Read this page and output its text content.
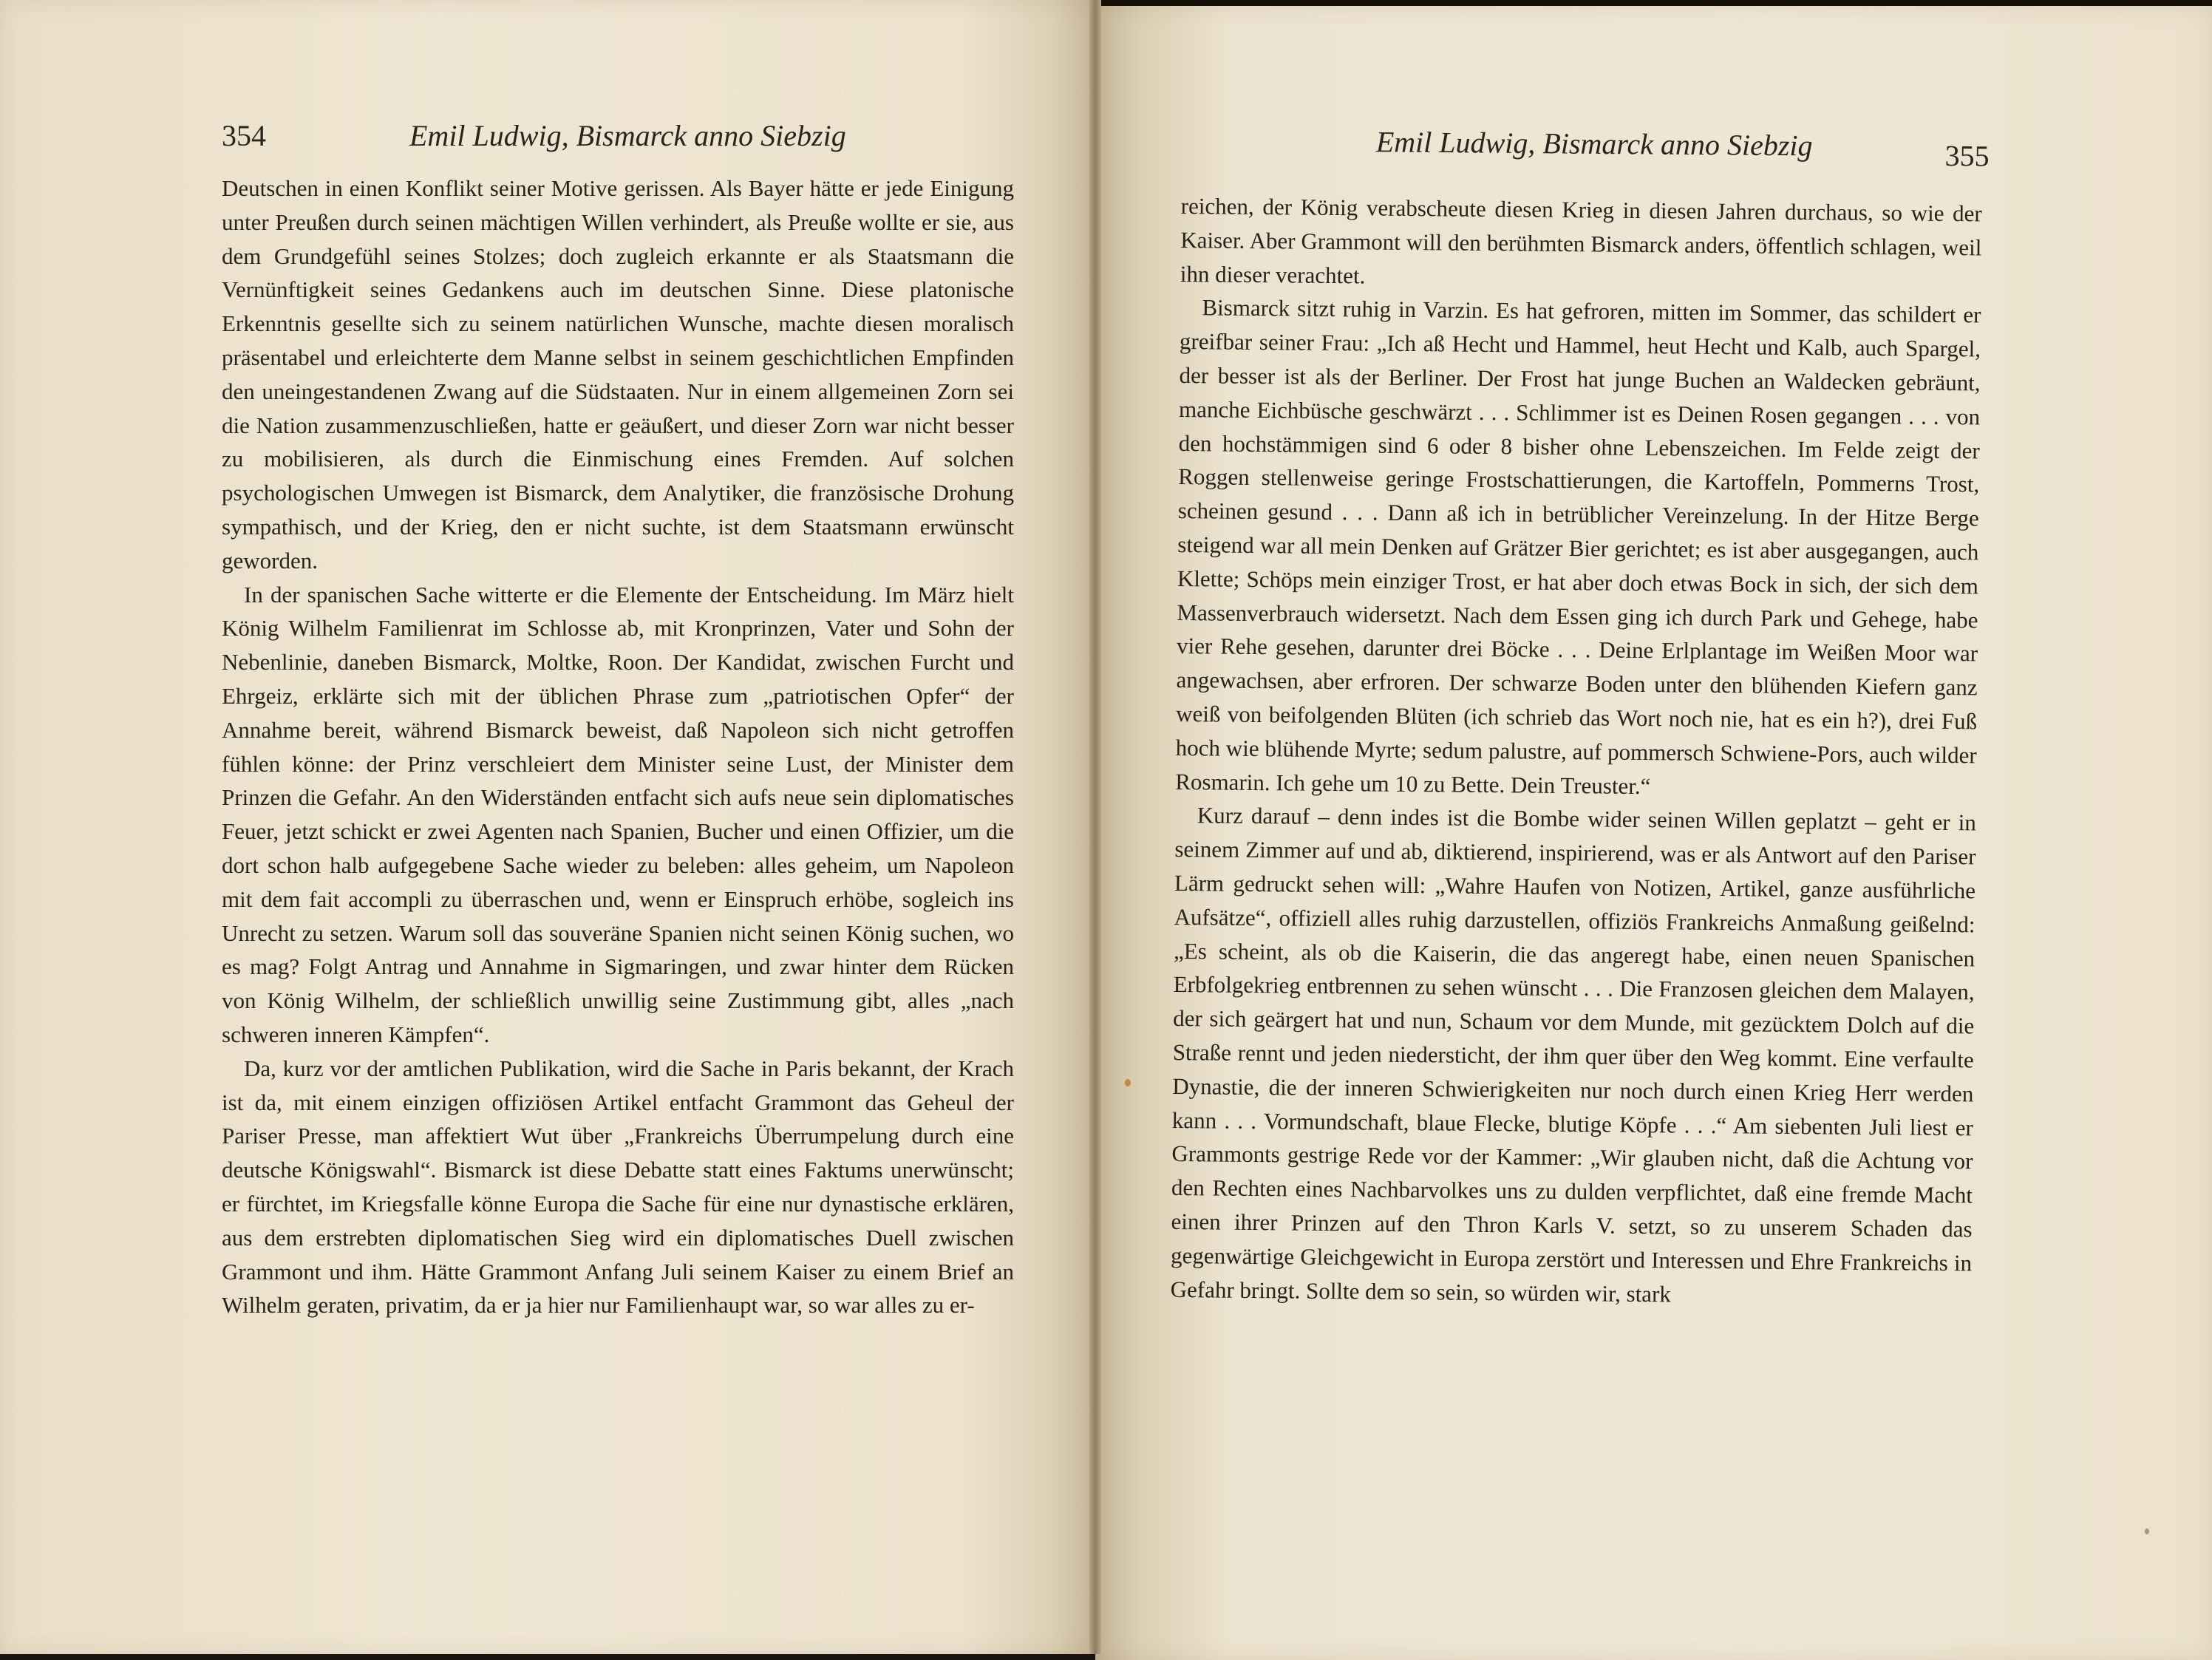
354	Emil Ludwig, Bismarck anno Siebzig

Deutschen in einen Konflikt seiner Motive gerissen. Als Bayer hätte er jede Einigung unter Preußen durch seinen mächtigen Willen verhindert, als Preuße wollte er sie, aus dem Grundgefühl seines Stolzes; doch zugleich erkannte er als Staatsmann die Vernünftigkeit seines Gedankens auch im deutschen Sinne. Diese platonische Erkenntnis gesellte sich zu seinem natürlichen Wunsche, machte diesen moralisch präsentabel und erleichterte dem Manne selbst in seinem geschichtlichen Empfinden den uneingestandenen Zwang auf die Südstaaten. Nur in einem allgemeinen Zorn sei die Nation zusammenzuschließen, hatte er geäußert, und dieser Zorn war nicht besser zu mobilisieren, als durch die Einmischung eines Fremden. Auf solchen psychologischen Umwegen ist Bismarck, dem Analytiker, die französische Drohung sympathisch, und der Krieg, den er nicht suchte, ist dem Staatsmann erwünscht geworden.

In der spanischen Sache witterte er die Elemente der Entscheidung. Im März hielt König Wilhelm Familienrat im Schlosse ab, mit Kronprinzen, Vater und Sohn der Nebenlinie, daneben Bismarck, Moltke, Roon. Der Kandidat, zwischen Furcht und Ehrgeiz, erklärte sich mit der üblichen Phrase zum „patriotischen Opfer“ der Annahme bereit, während Bismarck beweist, daß Napoleon sich nicht getroffen fühlen könne: der Prinz verschleiert dem Minister seine Lust, der Minister dem Prinzen die Gefahr. An den Widerständen entfacht sich aufs neue sein diplomatisches Feuer, jetzt schickt er zwei Agenten nach Spanien, Bucher und einen Offizier, um die dort schon halb aufgegebene Sache wieder zu beleben: alles geheim, um Napoleon mit dem fait accompli zu überraschen und, wenn er Einspruch erhöbe, sogleich ins Unrecht zu setzen. Warum soll das souveräne Spanien nicht seinen König suchen, wo es mag? Folgt Antrag und Annahme in Sigmaringen, und zwar hinter dem Rücken von König Wilhelm, der schließlich unwillig seine Zustimmung gibt, alles „nach schweren inneren Kämpfen“.

Da, kurz vor der amtlichen Publikation, wird die Sache in Paris bekannt, der Krach ist da, mit einem einzigen offiziösen Artikel entfacht Grammont das Geheul der Pariser Presse, man affektiert Wut über „Frankreichs Überrumpelung durch eine deutsche Königswahl“. Bismarck ist diese Debatte statt eines Faktums unerwünscht; er fürchtet, im Kriegsfalle könne Europa die Sache für eine nur dynastische erklären, aus dem erstrebten diplomatischen Sieg wird ein diplomatisches Duell zwischen Grammont und ihm. Hätte Grammont Anfang Juli seinem Kaiser zu einem Brief an Wilhelm geraten, privatim, da er ja hier nur Familienhaupt war, so war alles zu er-

Emil Ludwig, Bismarck anno Siebzig	355

reichen, der König verabscheute diesen Krieg in diesen Jahren durchaus, so wie der Kaiser. Aber Grammont will den berühmten Bismarck anders, öffentlich schlagen, weil ihn dieser verachtet.

Bismarck sitzt ruhig in Varzin. Es hat gefroren, mitten im Sommer, das schildert er greifbar seiner Frau: „Ich aß Hecht und Hammel, heut Hecht und Kalb, auch Spargel, der besser ist als der Berliner. Der Frost hat junge Buchen an Waldecken gebräunt, manche Eichbüsche geschwärzt . . . Schlimmer ist es Deinen Rosen gegangen . . . von den hochstämmigen sind 6 oder 8 bisher ohne Lebenszeichen. Im Felde zeigt der Roggen stellenweise geringe Frostschattierungen, die Kartoffeln, Pommerns Trost, scheinen gesund . . . Dann aß ich in betrüblicher Vereinzelung. In der Hitze Berge steigend war all mein Denken auf Grätzer Bier gerichtet; es ist aber ausgegangen, auch Klette; Schöps mein einziger Trost, er hat aber doch etwas Bock in sich, der sich dem Massenverbrauch widersetzt. Nach dem Essen ging ich durch Park und Gehege, habe vier Rehe gesehen, darunter drei Böcke . . . Deine Erlplantage im Weißen Moor war angewachsen, aber erfroren. Der schwarze Boden unter den blühenden Kiefern ganz weiß von beifolgenden Blüten (ich schrieb das Wort noch nie, hat es ein h?), drei Fuß hoch wie blühende Myrte; sedum palustre, auf pommersch Schwiene-Pors, auch wilder Rosmarin. Ich gehe um 10 zu Bette. Dein Treuster.“

Kurz darauf – denn indes ist die Bombe wider seinen Willen geplatzt – geht er in seinem Zimmer auf und ab, diktierend, inspirierend, was er als Antwort auf den Pariser Lärm gedruckt sehen will: „Wahre Haufen von Notizen, Artikel, ganze ausführliche Aufsätze“, offiziell alles ruhig darzustellen, offiziös Frankreichs Anmaßung geißelnd: „Es scheint, als ob die Kaiserin, die das angeregt habe, einen neuen Spanischen Erbfolgekrieg entbrennen zu sehen wünscht . . . Die Franzosen gleichen dem Malayen, der sich geärgert hat und nun, Schaum vor dem Munde, mit gezücktem Dolch auf die Straße rennt und jeden niedersticht, der ihm quer über den Weg kommt. Eine verfaulte Dynastie, die der inneren Schwierigkeiten nur noch durch einen Krieg Herr werden kann . . . Vormundschaft, blaue Flecke, blutige Köpfe . . .“ Am siebenten Juli liest er Grammonts gestrige Rede vor der Kammer: „Wir glauben nicht, daß die Achtung vor den Rechten eines Nachbarvolkes uns zu dulden verpflichtet, daß eine fremde Macht einen ihrer Prinzen auf den Thron Karls V. setzt, so zu unserem Schaden das gegenwärtige Gleichgewicht in Europa zerstört und Interessen und Ehre Frankreichs in Gefahr bringt. Sollte dem so sein, so würden wir, stark
